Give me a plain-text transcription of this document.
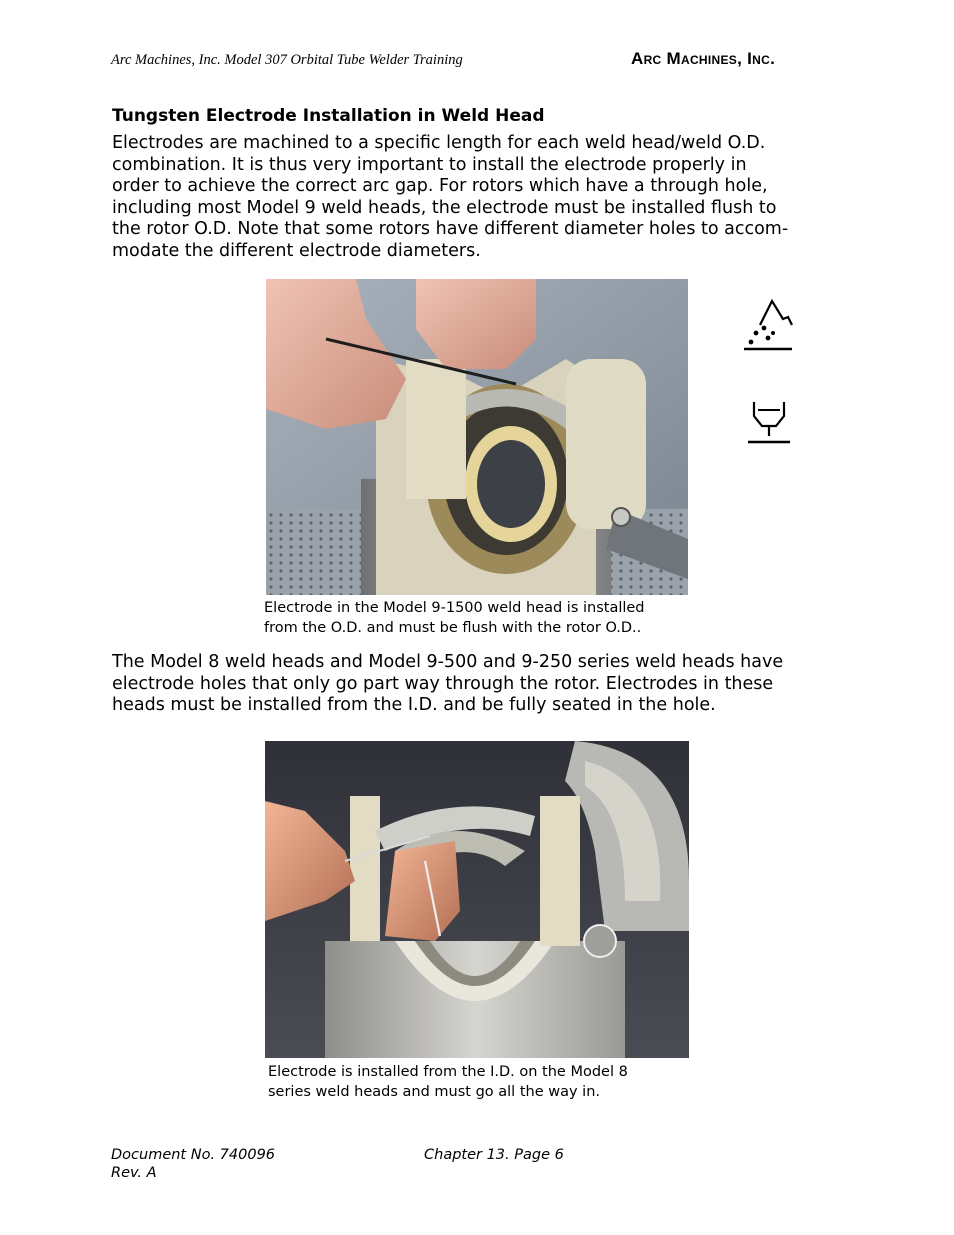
Arc Machines, Inc. Model 307 Orbital Tube Welder Training	Arc Machines, Inc.
Tungsten Electrode Installation in Weld Head

Electrodes are machined to a specific length for each weld head/weld O.D.
combination. It is thus very important to install the electrode properly in
order to achieve the correct arc gap. For rotors which have a through hole,
including most Model 9 weld heads, the electrode must be installed flush to
the rotor O.D. Note that some rotors have different diameter holes to accom-
modate the different electrode diameters.

Electrode in the Model 9-1500 weld head is installed
from the O.D. and must be flush with the rotor O.D..

The Model 8 weld heads and Model 9-500 and 9-250 series weld heads have
electrode holes that only go part way through the rotor. Electrodes in these
heads must be installed from the I.D. and be fully seated in the hole.

Electrode is installed from the I.D. on the Model 8
series weld heads and must go all the way in.
Document No. 740096
Rev. A
Chapter 13. Page 6
